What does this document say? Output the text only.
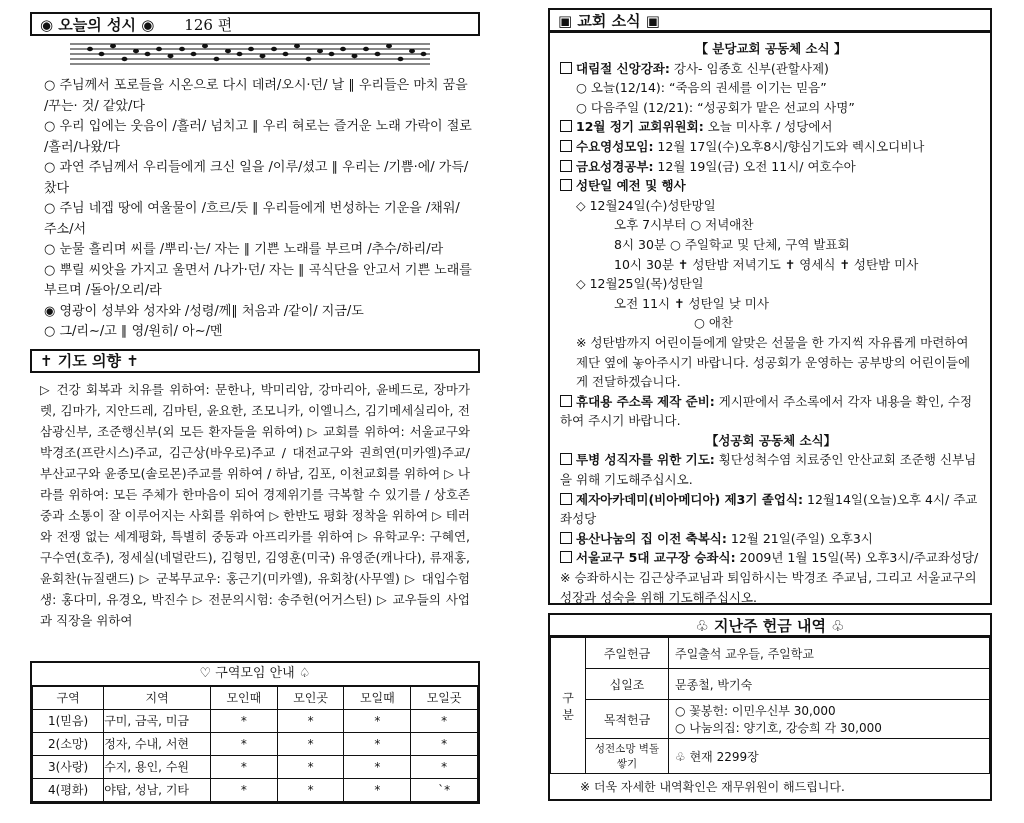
◉ 오늘의 성시 ◉ 126 편

○ 주님께서 포로들을 시온으로 다시 데려/오시·던/ 날 ∥ 우리들은 마치 꿈을 /꾸는· 것/ 같았/다

○ 우리 입에는 웃음이 /흘러/ 넘치고 ∥ 우리 혀로는 즐거운 노래 가락이 절로 /흘러/나왔/다

○ 과연 주님께서 우리들에게 크신 일을 /이루/셨고 ∥ 우리는 /기쁨·에/ 가득/ 찼다

○ 주님 네겝 땅에 여울물이 /흐르/듯 ∥ 우리들에게 번성하는 기운을 /채워/ 주소/서

○ 눈물 흘리며 씨를 /뿌리·는/ 자는 ∥ 기쁜 노래를 부르며 /추수/하리/라

○ 뿌릴 씨앗을 가지고 울면서 /나가·던/ 자는 ∥ 곡식단을 안고서 기쁜 노래를 부르며 /돌아/오리/라

◉ 영광이 성부와 성자와 /성령/께∥ 처음과 /같이/ 지금/도

○ 그/리∼/고 ∥ 영/원히/ 아∼/멘

✝ 기도 의향 ✝
▷ 건강 회복과 치유를 위하여: 문한나, 박미리암, 강마리아, 윤베드로, 장마가렛, 김마가, 지안드레, 김마틴, 윤요한, 조모니카, 이엘니스, 김기메세실리아, 전삼광신부, 조준행신부(외 모든 환자들을 위하여) ▷ 교회를 위하여: 서울교구와 박경조(프란시스)주교, 김근상(바우로)주교 / 대전교구와 권희연(미카엘)주교/ 부산교구와 윤종모(솔로몬)주교를 위하여 / 하남, 김포, 이천교회를 위하여 ▷ 나라를 위하여: 모든 주체가 한마음이 되어 경제위기를 극복할 수 있기를 / 상호존중과 소통이 잘 이루어지는 사회를 위하여 ▷ 한반도 평화 정착을 위하여 ▷ 테러와 전쟁 없는 세계평화, 특별히 중동과 아프리카를 위하여 ▷ 유학교우: 구혜연, 구수연(호주), 정세실(네덜란드), 김형민, 김영훈(미국) 유영준(캐나다), 류재홍, 윤회찬(뉴질랜드) ▷ 군복무교우: 홍근기(미카엘), 유회창(사무엘) ▷ 대입수험생: 홍다미, 유경오, 박진수 ▷ 전문의시험: 송주헌(어거스틴) ▷ 교우들의 사업과 직장을 위하여
♡ 구역모임 안내 ♤
구역	지역	모인때	모인곳	모일때	모일곳
1(믿음)	구미, 금곡, 미금	*	*	*	*
2(소망)	정자, 수내, 서현	*	*	*	*
3(사랑)	수지, 용인, 수원	*	*	*	*
4(평화)	야탑, 성남, 기타	*	*	*	`*
▣ 교회 소식 ▣

【 분당교회 공동체 소식 】

대림절 신앙강좌: 강사- 임종호 신부(관할사제)

○ 오늘(12/14): “죽음의 권세를 이기는 믿음”

○ 다음주일 (12/21): “성공회가 맡은 선교의 사명”

12월 정기 교회위원회: 오늘 미사후 / 성당에서

수요영성모임: 12월 17일(수)오후8시/향심기도와 렉시오디비나

금요성경공부: 12월 19일(금) 오전 11시/ 여호수아

성탄일 예전 및 행사

◇ 12월24일(수)성탄망일

오후 7시부터 ○ 저녁애찬

8시 30분 ○ 주일학교 및 단체, 구역 발표회

10시 30분 ✝ 성탄밤 저녁기도 ✝ 영세식 ✝ 성탄밤 미사

◇ 12월25일(목)성탄일

오전 11시 ✝ 성탄일 낮 미사

○ 애찬

※ 성탄밤까지 어린이들에게 알맞은 선물을 한 가지씩 자유롭게 마련하여 제단 옆에 놓아주시기 바랍니다. 성공회가 운영하는 공부방의 어린이들에게 전달하겠습니다.

휴대용 주소록 제작 준비: 게시판에서 주소록에서 각자 내용을 확인, 수정하여 주시기 바랍니다.

【성공회 공동체 소식】

투병 성직자를 위한 기도: 횡단성척수염 치료중인 안산교회 조준행 신부님을 위해 기도해주십시오.

제자아카데미(비아메디아) 제3기 졸업식: 12월14일(오늘)오후 4시/ 주교좌성당

용산나눔의 집 이전 축복식: 12월 21일(주일) 오후3시

서울교구 5대 교구장 승좌식: 2009년 1월 15일(목) 오후3시/주교좌성당/ ※ 승좌하시는 김근상주교님과 퇴임하시는 박경조 주교님, 그리고 서울교구의 성장과 성숙을 위해 기도해주십시오.

♧ 지난주 헌금 내역 ♧
구분	주일헌금	주일출석 교우들, 주일학교
	십일조	문종철, 박기숙
	목적헌금	○ 꽃봉헌: 이민우신부 30,000
○ 나눔의집: 양기호, 강승희 각 30,000
	성전소망 벽돌쌓기	♧ 현재 2299장
※ 더욱 자세한 내역확인은 재무위원이 해드립니다.
